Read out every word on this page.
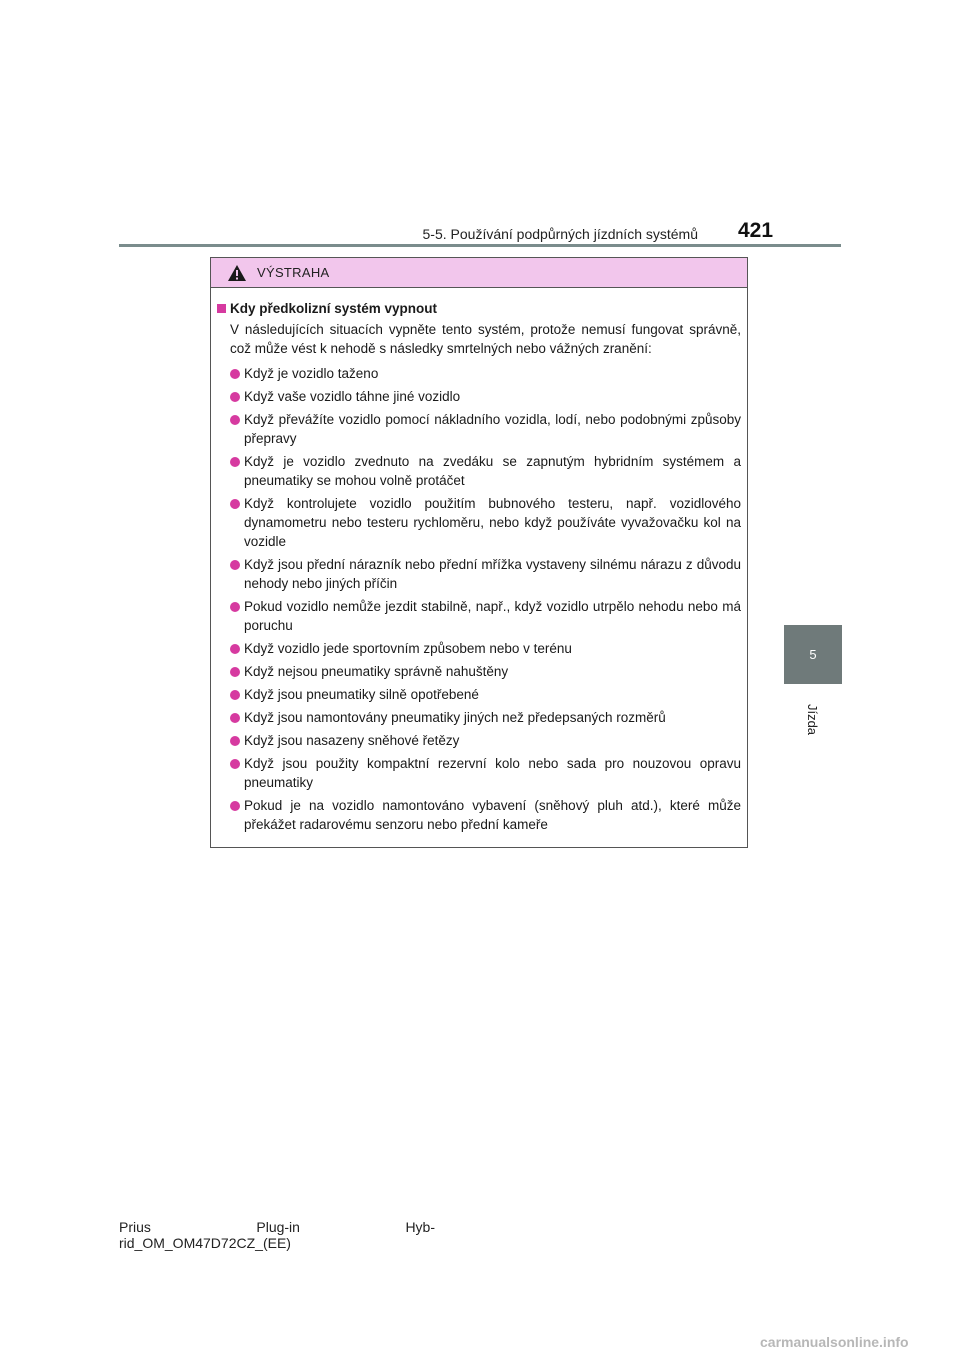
5-5. Používání podpůrných jízdních systémů 421
5
Jízda
VÝSTRAHA
Kdy předkolizní systém vypnout

V následujících situacích vypněte tento systém, protože nemusí fungovat správně, což může vést k nehodě s následky smrtelných nebo vážných zranění:

Když je vozidlo taženo
Když vaše vozidlo táhne jiné vozidlo
Když převážíte vozidlo pomocí nákladního vozidla, lodí, nebo podobnými způsoby přepravy
Když je vozidlo zvednuto na zvedáku se zapnutým hybridním systémem a pneumatiky se mohou volně protáčet
Když kontrolujete vozidlo použitím bubnového testeru, např. vozidlového dynamometru nebo testeru rychloměru, nebo když používáte vyvažovačku kol na vozidle
Když jsou přední nárazník nebo přední mřížka vystaveny silnému nárazu z důvodu nehody nebo jiných příčin
Pokud vozidlo nemůže jezdit stabilně, např., když vozidlo utrpělo nehodu nebo má poruchu
Když vozidlo jede sportovním způsobem nebo v terénu
Když nejsou pneumatiky správně nahuštěny
Když jsou pneumatiky silně opotřebené
Když jsou namontovány pneumatiky jiných než předepsaných rozměrů
Když jsou nasazeny sněhové řetězy
Když jsou použity kompaktní rezervní kolo nebo sada pro nouzovou opravu pneumatiky
Pokud je na vozidlo namontováno vybavení (sněhový pluh atd.), které může překážet radarovému senzoru nebo přední kameře
Prius	Plug-in	Hyb-
rid_OM_OM47D72CZ_(EE)
carmanualsonline.info
